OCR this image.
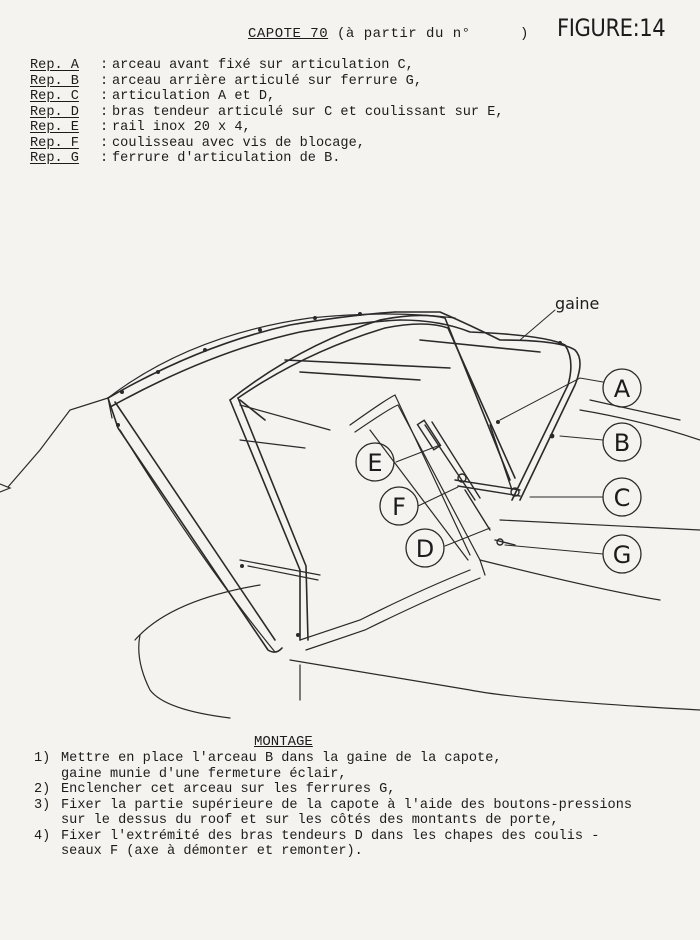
CAPOTE 70 (à partir du n°	) FIGURE:14
Rep. A	: arceau avant fixé sur articulation C,
Rep. B	: arceau arrière articulé sur ferrure G,
Rep. C	: articulation A et D,
Rep. D	: bras tendeur articulé sur C et coulissant sur E,
Rep. E	: rail inox 20 x 4,
Rep. F	: coulisseau avec vis de blocage,
Rep. G	: ferrure d'articulation de B.
gaine
A
B
C
G
E
F
D
MONTAGE
1) Mettre en place l'arceau B dans la gaine de la capote,
gaine munie d'une fermeture éclair,
2) Enclencher cet arceau sur les ferrures G,
3) Fixer la partie supérieure de la capote à l'aide des boutons-pressions
sur le dessus du roof et sur les côtés des montants de porte,
4) Fixer l'extrémité des bras tendeurs D dans les chapes des coulis -
seaux F (axe à démonter et remonter).
